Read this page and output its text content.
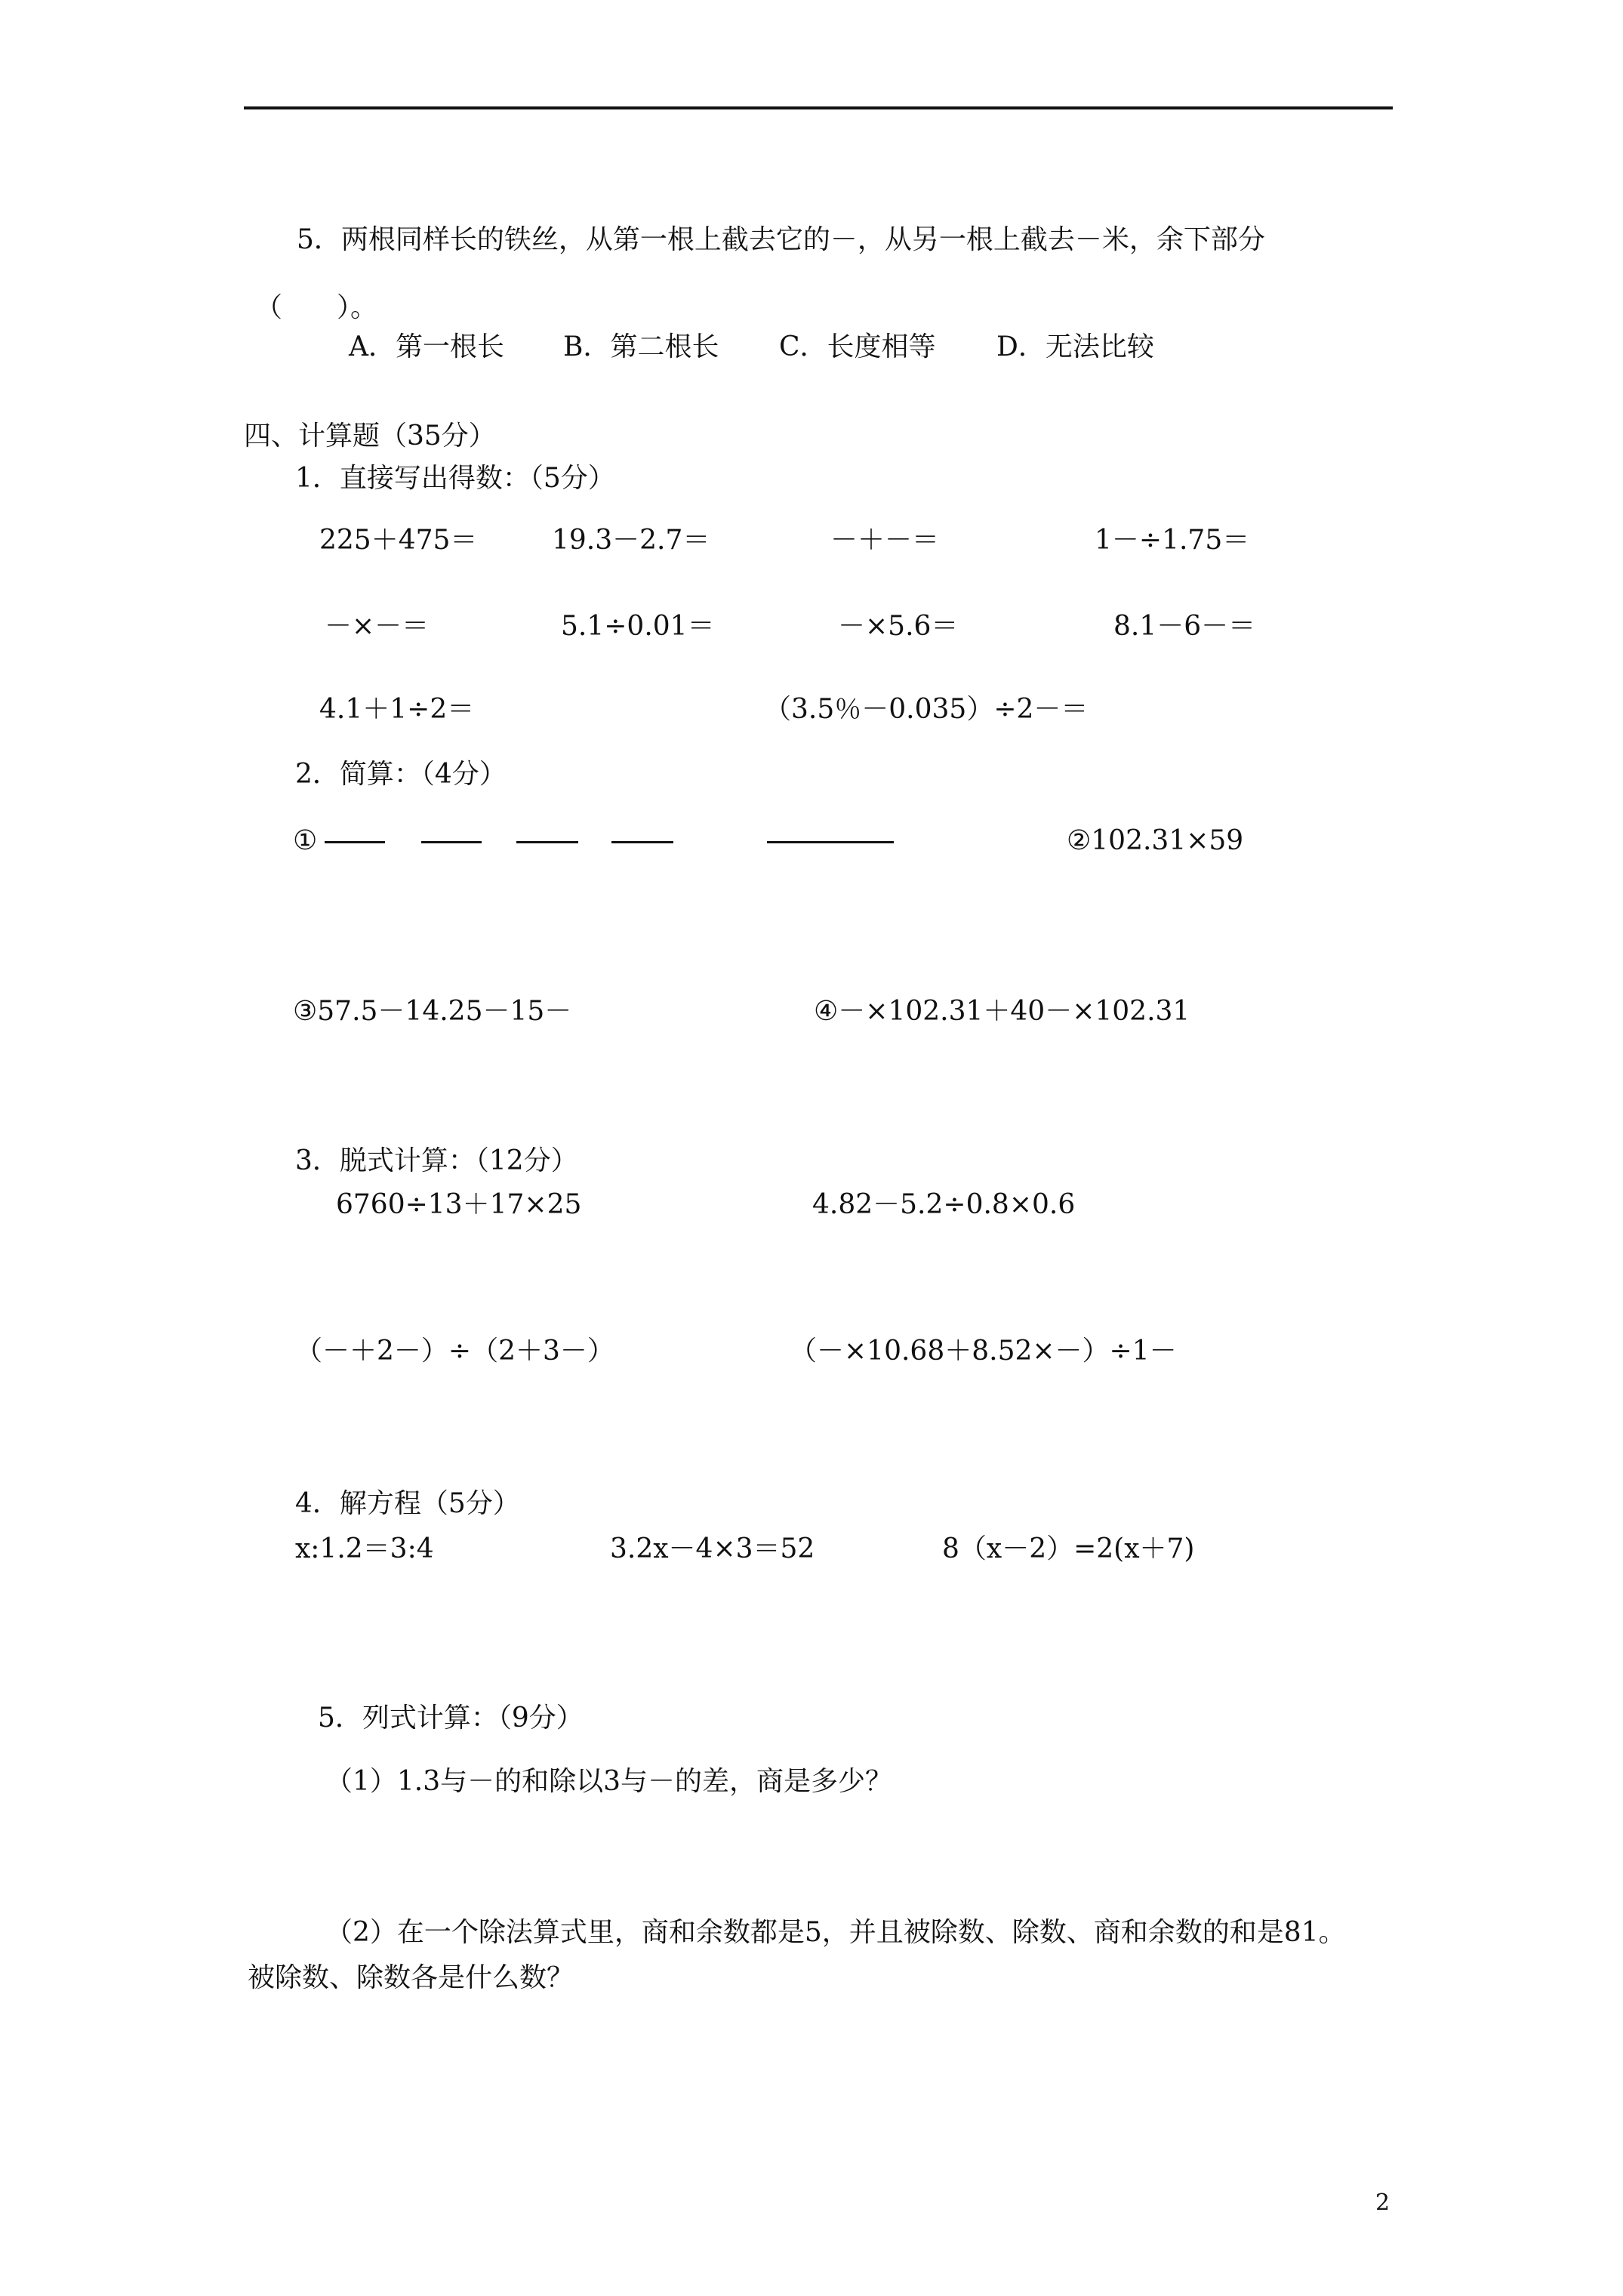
5．两根同样长的铁丝，从第一根上截去它的－，从另一根上截去－米，余下部分
（　　）。
A．第一根长 B．第二根长 C．长度相等 D．无法比较
四、计算题（35分）
1．直接写出得数：（5分）
225＋475＝	19.3－2.7＝	－＋－＝	1－÷1.75＝
－×－＝	5.1÷0.01＝	－×5.6＝	8.1－6－＝
4.1＋1÷2＝	（3.5％－0.035）÷2－＝
2．简算：（4分）
①	②102.31×59
③57.5－14.25－15－	④－×102.31＋40－×102.31
3．脱式计算：（12分）
6760÷13＋17×25	4.82－5.2÷0.8×0.6
（－＋2－）÷（2＋3－）	（－×10.68＋8.52×－）÷1－
4．解方程（5分）
x:1.2＝3:4	3.2x－4×3＝52	8（x－2）=2(x＋7)
5．列式计算：（9分）
（1）1.3与－的和除以3与－的差，商是多少？
（2）在一个除法算式里，商和余数都是5，并且被除数、除数、商和余数的和是81。
被除数、除数各是什么数？
2
